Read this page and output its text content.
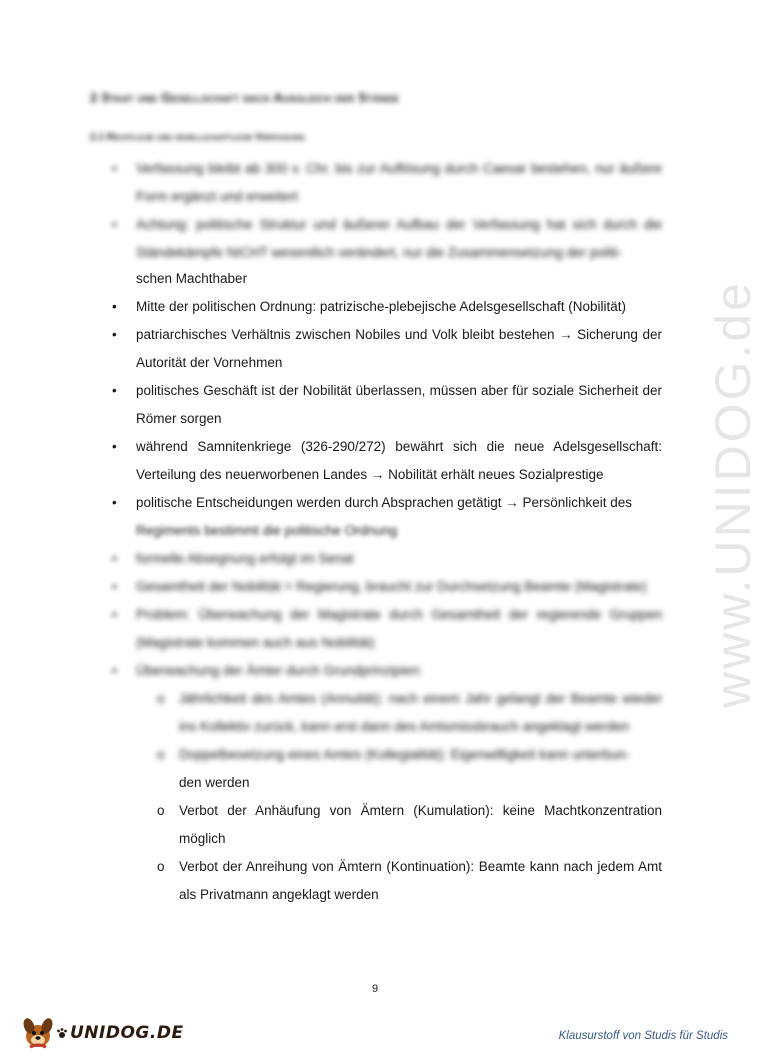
www.UNIDOG.de
2 Staat und Gesellschaft nach Ausgleich der Stände
2.1 Rechtliche und gesellschaftliche Verfassung
• Verfassung bleibt ab 300 v. Chr. bis zur Auflösung durch Caesar bestehen, nur äußere Form ergänzt und erweitert
• Achtung: politische Struktur und äußerer Aufbau der Verfassung hat sich durch die Ständekämpfe NICHT wesentlich verändert, nur die Zusammensetzung der politi-
schen Machthaber
• Mitte der politischen Ordnung: patrizische-plebejische Adelsgesellschaft (Nobilität)
• patriarchisches Verhältnis zwischen Nobiles und Volk bleibt bestehen → Sicherung der Autorität der Vornehmen
• politisches Geschäft ist der Nobilität überlassen, müssen aber für soziale Sicherheit der Römer sorgen
• während Samnitenkriege (326-290/272) bewährt sich die neue Adelsgesellschaft: Verteilung des neuerworbenen Landes → Nobilität erhält neues Sozialprestige
• politische Entscheidungen werden durch Absprachen getätigt → Persönlichkeit des
Regiments bestimmt die politische Ordnung
• formelle Absegnung erfolgt im Senat
• Gesamtheit der Nobilität = Regierung, braucht zur Durchsetzung Beamte (Magistrate)
• Problem: Überwachung der Magistrate durch Gesamtheit der regierende Gruppen (Magistrate kommen auch aus Nobilität)
• Überwachung der Ämter durch Grundprinzipien:
o Jährlichkeit des Amtes (Annuität): nach einem Jahr gelangt der Beamte wieder ins Kollektiv zurück, kann erst dann des Amtsmissbrauch angeklagt werden
o Doppelbesetzung eines Amtes (Kollegialität): Eigenwilligkeit kann unterbun-
den werden
o Verbot der Anhäufung von Ämtern (Kumulation): keine Machtkonzentration möglich
o Verbot der Anreihung von Ämtern (Kontinuation): Beamte kann nach jedem Amt als Privatmann angeklagt werden
9
UNIDOG.DE	Klausurstoff von Studis für Studis
